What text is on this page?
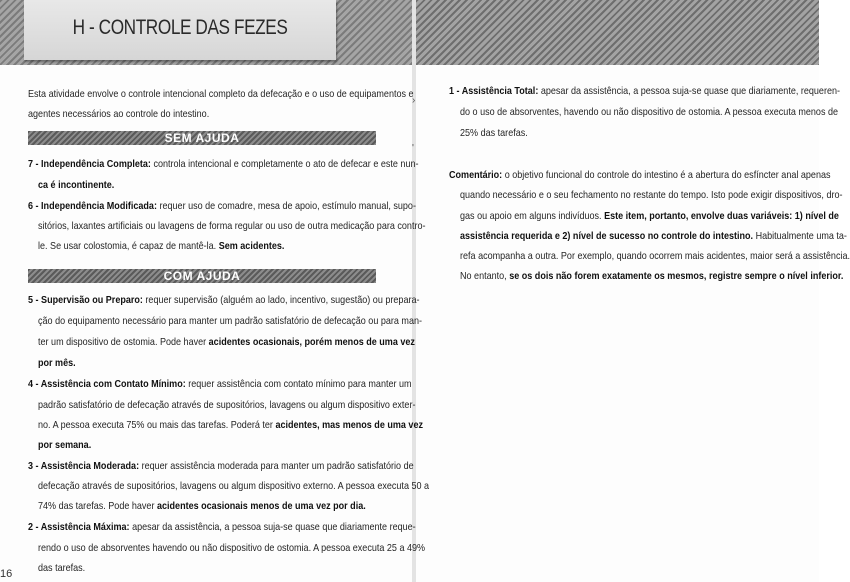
H - CONTROLE DAS FEZES
›
'
Esta atividade envolve o controle intencional completo da defecação e o uso de equipamentos e
agentes necessários ao controle do intestino.
SEM AJUDA
7 - Independência Completa: controla intencional e completamente o ato de defecar e este nun-
ca é incontinente.
6 - Independência Modificada: requer uso de comadre, mesa de apoio, estímulo manual, supo-
sitórios, laxantes artificiais ou lavagens de forma regular ou uso de outra medicação para contro-
le. Se usar colostomia, é capaz de mantê-la. Sem acidentes.
COM AJUDA
5 - Supervisão ou Preparo: requer supervisão (alguém ao lado, incentivo, sugestão) ou prepara-
ção do equipamento necessário para manter um padrão satisfatório de defecação ou para man-
ter um dispositivo de ostomia. Pode haver acidentes ocasionais, porém menos de uma vez
por mês.
4 - Assistência com Contato Mínimo: requer assistência com contato mínimo para manter um
padrão satisfatório de defecação através de supositórios, lavagens ou algum dispositivo exter-
no. A pessoa executa 75% ou mais das tarefas. Poderá ter acidentes, mas menos de uma vez
por semana.
3 - Assistência Moderada: requer assistência moderada para manter um padrão satisfatório de
defecação através de supositórios, lavagens ou algum dispositivo externo. A pessoa executa 50 a
74% das tarefas. Pode haver acidentes ocasionais menos de uma vez por dia.
2 - Assistência Máxima: apesar da assistência, a pessoa suja-se quase que diariamente reque-
rendo o uso de absorventes havendo ou não dispositivo de ostomia. A pessoa executa 25 a 49%
das tarefas.
16
1 - Assistência Total: apesar da assistência, a pessoa suja-se quase que diariamente, requeren-
do o uso de absorventes, havendo ou não dispositivo de ostomia. A pessoa executa menos de
25% das tarefas.
Comentário: o objetivo funcional do controle do intestino é a abertura do esfíncter anal apenas
quando necessário e o seu fechamento no restante do tempo. Isto pode exigir dispositivos, dro-
gas ou apoio em alguns indivíduos. Este item, portanto, envolve duas variáveis: 1) nível de
assistência requerida e 2) nível de sucesso no controle do intestino. Habitualmente uma ta-
refa acompanha a outra. Por exemplo, quando ocorrem mais acidentes, maior será a assistência.
No entanto, se os dois não forem exatamente os mesmos, registre sempre o nível inferior.
